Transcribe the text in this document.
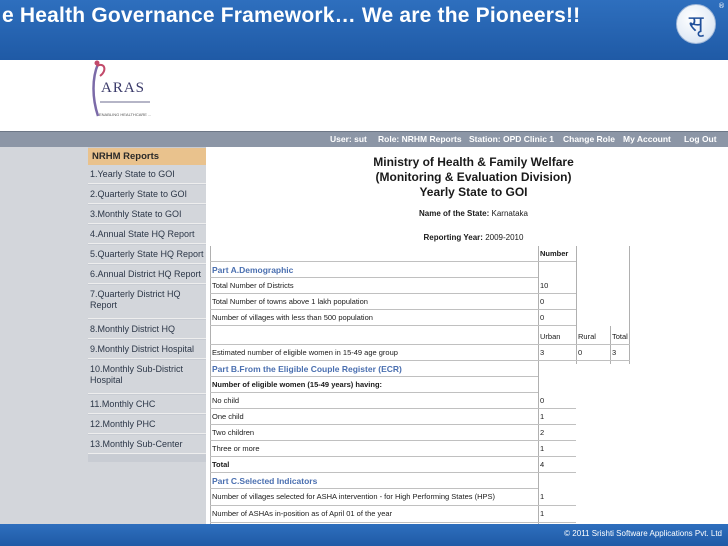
e Health Governance Framework… We are the Pioneers!!	सृ
®
ARAS
ENABLING HEALTHCARE ...
User: sut Role: NRHM Reports Station: OPD Clinic 1 Change Role My Account Log Out
NRHM Reports
1.Yearly State to GOI
2.Quarterly State to GOI
3.Monthly State to GOI
4.Annual State HQ Report
5.Quarterly State HQ Report
6.Annual District HQ Report
7.Quarterly District HQ Report
8.Monthly District HQ
9.Monthly District Hospital
10.Monthly Sub-District Hospital
11.Monthly CHC
12.Monthly PHC
13.Monthly Sub-Center
Ministry of Health & Family Welfare
(Monitoring & Evaluation Division)
Yearly State to GOI
Name of the State: Karnataka
Reporting Year: 2009-2010
Number
Part A.Demographic
Total Number of Districts	10
Total Number of towns above 1 lakh population	0
Number of villages with less than 500 population	0
Urban	Rural	Total
Estimated number of eligible women in 15-49 age group	3	0	3
Part B.From the Eligible Couple Register (ECR)
Number of eligible women (15-49 years) having:
No child	0
One child	1
Two children	2
Three or more	1
Total	4
Part C.Selected Indicators
Number of villages selected for ASHA intervention - for High Performing States (HPS)	1
Number of ASHAs in-position as of April 01 of the year	1
© 2011 Srishti Software Applications Pvt. Ltd
